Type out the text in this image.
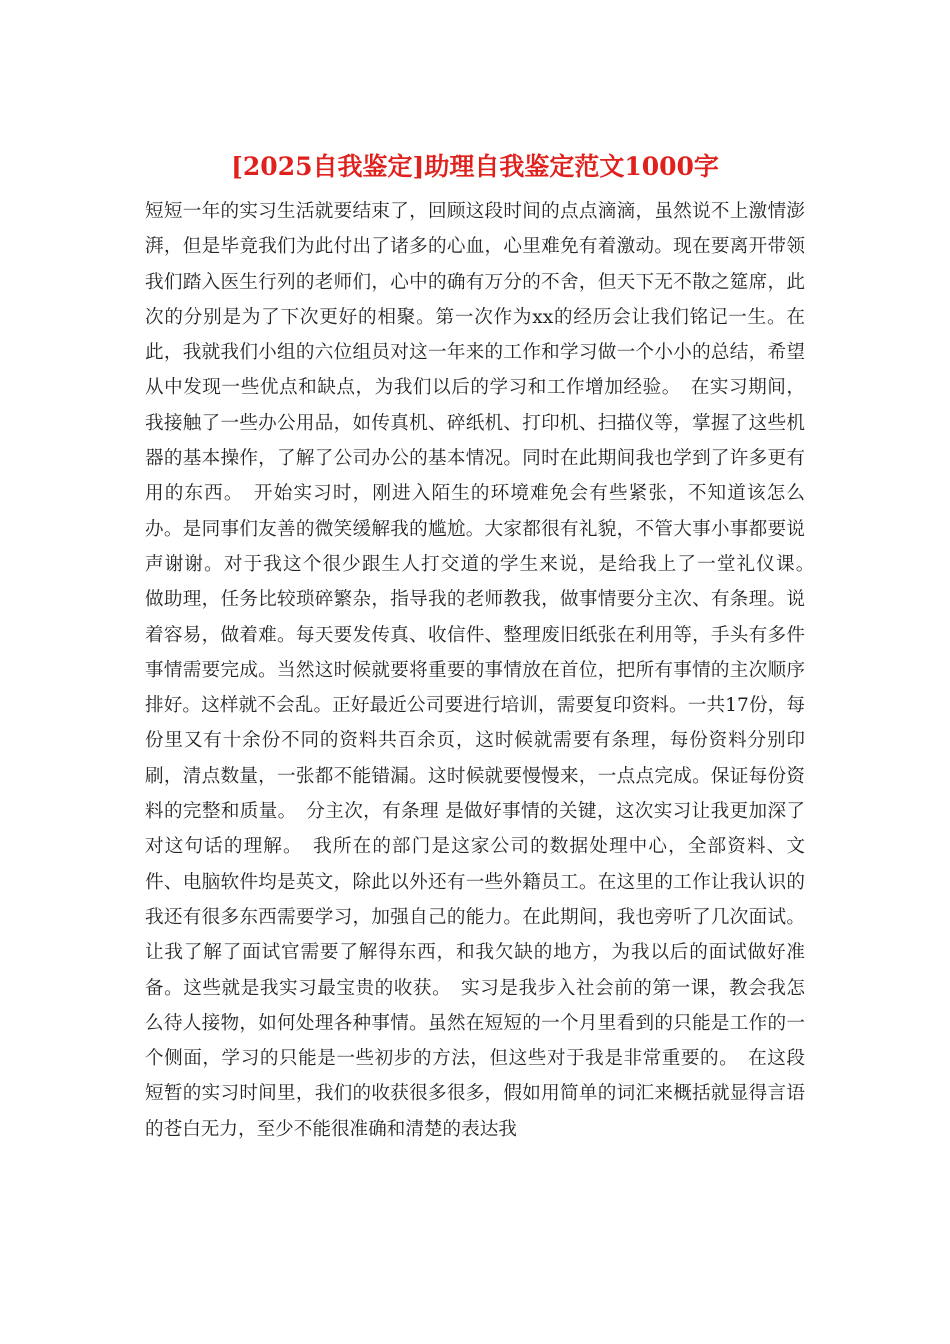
[2025自我鉴定]助理自我鉴定范文1000字

短短一年的实习生活就要结束了，回顾这段时间的点点滴滴，虽然说不上激情澎湃，但是毕竟我们为此付出了诸多的心血，心里难免有着激动。现在要离开带领我们踏入医生行列的老师们，心中的确有万分的不舍，但天下无不散之筵席，此次的分别是为了下次更好的相聚。第一次作为xx的经历会让我们铭记一生。在此，我就我们小组的六位组员对这一年来的工作和学习做一个小小的总结，希望从中发现一些优点和缺点，为我们以后的学习和工作增加经验。　在实习期间，我接触了一些办公用品，如传真机、碎纸机、打印机、扫描仪等，掌握了这些机器的基本操作，了解了公司办公的基本情况。同时在此期间我也学到了许多更有用的东西。　开始实习时，刚进入陌生的环境难免会有些紧张，不知道该怎么办。是同事们友善的微笑缓解我的尴尬。大家都很有礼貌，不管大事小事都要说声谢谢。对于我这个很少跟生人打交道的学生来说，是给我上了一堂礼仪课。　做助理，任务比较琐碎繁杂，指导我的老师教我，做事情要分主次、有条理。说着容易，做着难。每天要发传真、收信件、整理废旧纸张在利用等，手头有多件事情需要完成。当然这时候就要将重要的事情放在首位，把所有事情的主次顺序排好。这样就不会乱。正好最近公司要进行培训，需要复印资料。一共17份，每份里又有十余份不同的资料共百余页，这时候就需要有条理，每份资料分别印刷，清点数量，一张都不能错漏。这时候就要慢慢来，一点点完成。保证每份资料的完整和质量。　分主次，有条理 是做好事情的关键，这次实习让我更加深了对这句话的理解。　我所在的部门是这家公司的数据处理中心，全部资料、文件、电脑软件均是英文，除此以外还有一些外籍员工。在这里的工作让我认识的我还有很多东西需要学习，加强自己的能力。在此期间，我也旁听了几次面试。让我了解了面试官需要了解得东西，和我欠缺的地方，为我以后的面试做好准备。这些就是我实习最宝贵的收获。　实习是我步入社会前的第一课，教会我怎么待人接物，如何处理各种事情。虽然在短短的一个月里看到的只能是工作的一个侧面，学习的只能是一些初步的方法，但这些对于我是非常重要的。　在这段短暂的实习时间里，我们的收获很多很多，假如用简单的词汇来概括就显得言语的苍白无力，至少不能很准确和清楚的表达我
